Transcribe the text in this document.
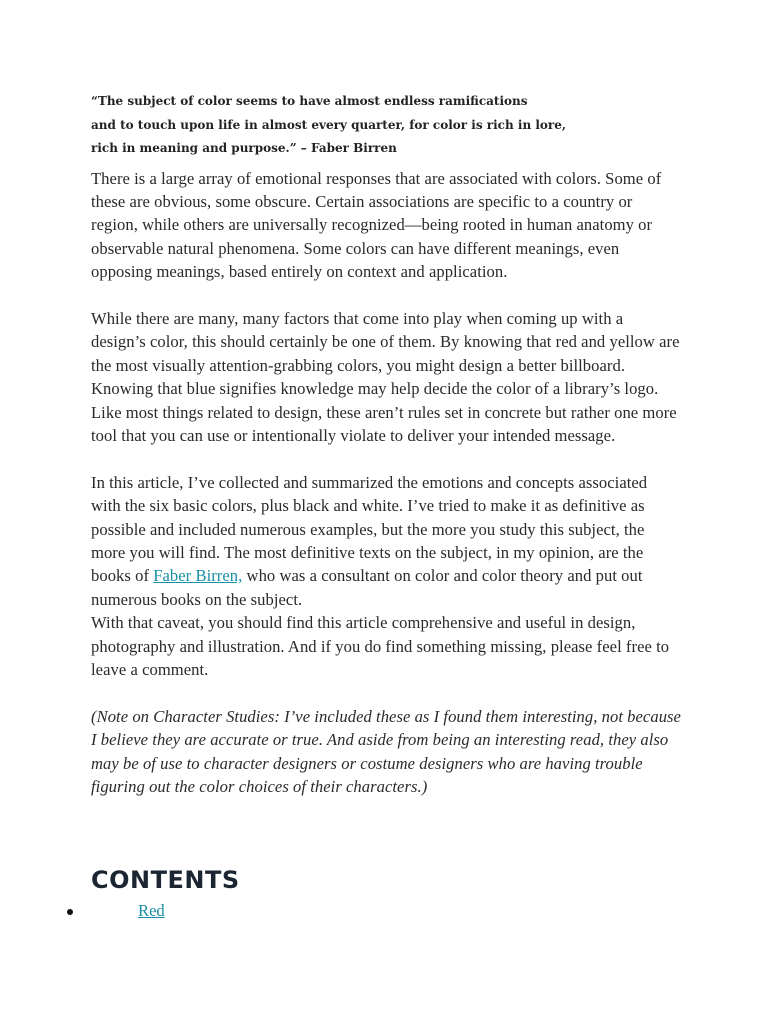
“The subject of color seems to have almost endless ramifications
and to touch upon life in almost every quarter, for color is rich in lore,
rich in meaning and purpose.” – Faber Birren

There is a large array of emotional responses that are associated with colors. Some of these are obvious, some obscure. Certain associations are specific to a country or region, while others are universally recognized—being rooted in human anatomy or observable natural phenomena. Some colors can have different meanings, even opposing meanings, based entirely on context and application.

While there are many, many factors that come into play when coming up with a design’s color, this should certainly be one of them. By knowing that red and yellow are the most visually attention-grabbing colors, you might design a better billboard. Knowing that blue signifies knowledge may help decide the color of a library’s logo. Like most things related to design, these aren’t rules set in concrete but rather one more tool that you can use or intentionally violate to deliver your intended message.

In this article, I’ve collected and summarized the emotions and concepts associated with the six basic colors, plus black and white. I’ve tried to make it as definitive as possible and included numerous examples, but the more you study this subject, the more you will find. The most definitive texts on the subject, in my opinion, are the books of Faber Birren, who was a consultant on color and color theory and put out numerous books on the subject.

With that caveat, you should find this article comprehensive and useful in design, photography and illustration. And if you do find something missing, please feel free to leave a comment.

(Note on Character Studies: I’ve included these as I found them interesting, not because I believe they are accurate or true. And aside from being an interesting read, they also may be of use to character designers or costume designers who are having trouble figuring out the color choices of their characters.)

CONTENTS
Red
